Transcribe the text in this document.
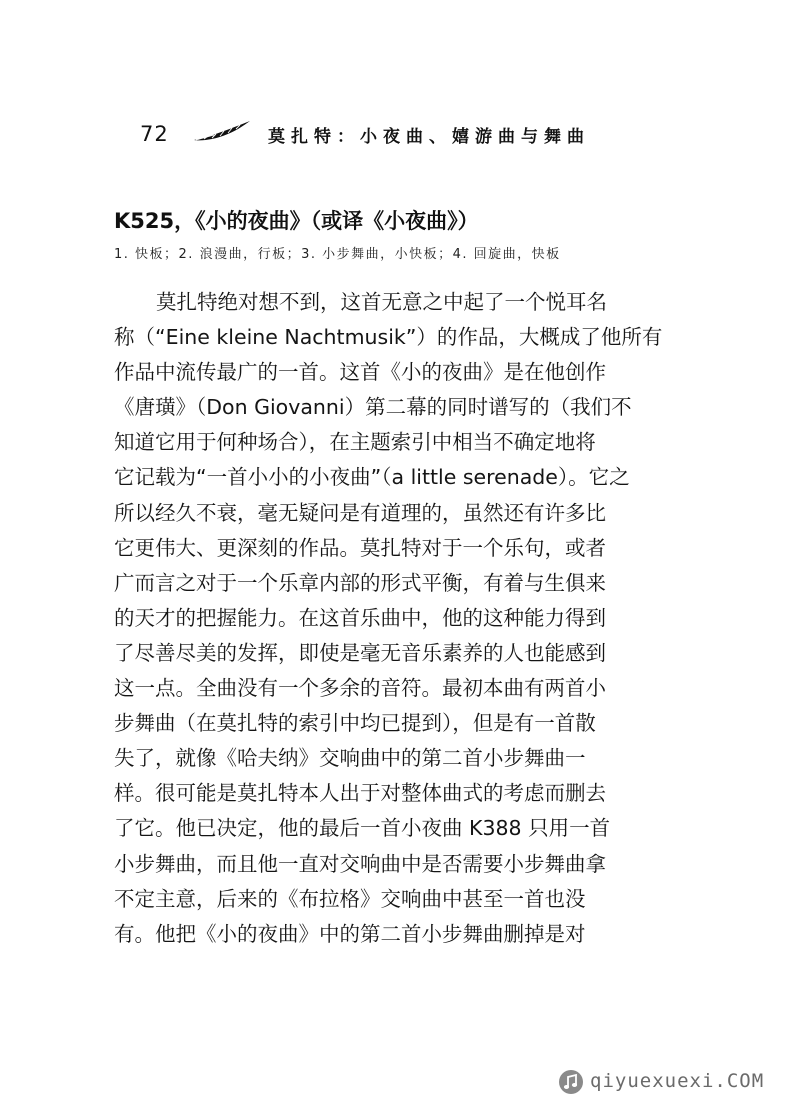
72	莫扎特：小夜曲、嬉游曲与舞曲
K525，《小的夜曲》（或译《小夜曲》）
1. 快板；2. 浪漫曲，行板；3. 小步舞曲，小快板；4. 回旋曲，快板
莫扎特绝对想不到，这首无意之中起了一个悦耳名
称（“Eine kleine Nachtmusik”）的作品，大概成了他所有
作品中流传最广的一首。这首《小的夜曲》是在他创作
《唐璜》（Don Giovanni）第二幕的同时谱写的（我们不
知道它用于何种场合），在主题索引中相当不确定地将
它记载为“一首小小的小夜曲”（a little serenade）。它之
所以经久不衰，毫无疑问是有道理的，虽然还有许多比
它更伟大、更深刻的作品。莫扎特对于一个乐句，或者
广而言之对于一个乐章内部的形式平衡，有着与生俱来
的天才的把握能力。在这首乐曲中，他的这种能力得到
了尽善尽美的发挥，即使是毫无音乐素养的人也能感到
这一点。全曲没有一个多余的音符。最初本曲有两首小
步舞曲（在莫扎特的索引中均已提到），但是有一首散
失了，就像《哈夫纳》交响曲中的第二首小步舞曲一
样。很可能是莫扎特本人出于对整体曲式的考虑而删去
了它。他已决定，他的最后一首小夜曲 K388 只用一首
小步舞曲，而且他一直对交响曲中是否需要小步舞曲拿
不定主意，后来的《布拉格》交响曲中甚至一首也没
有。他把《小的夜曲》中的第二首小步舞曲删掉是对
qiyuexuexi.COM
